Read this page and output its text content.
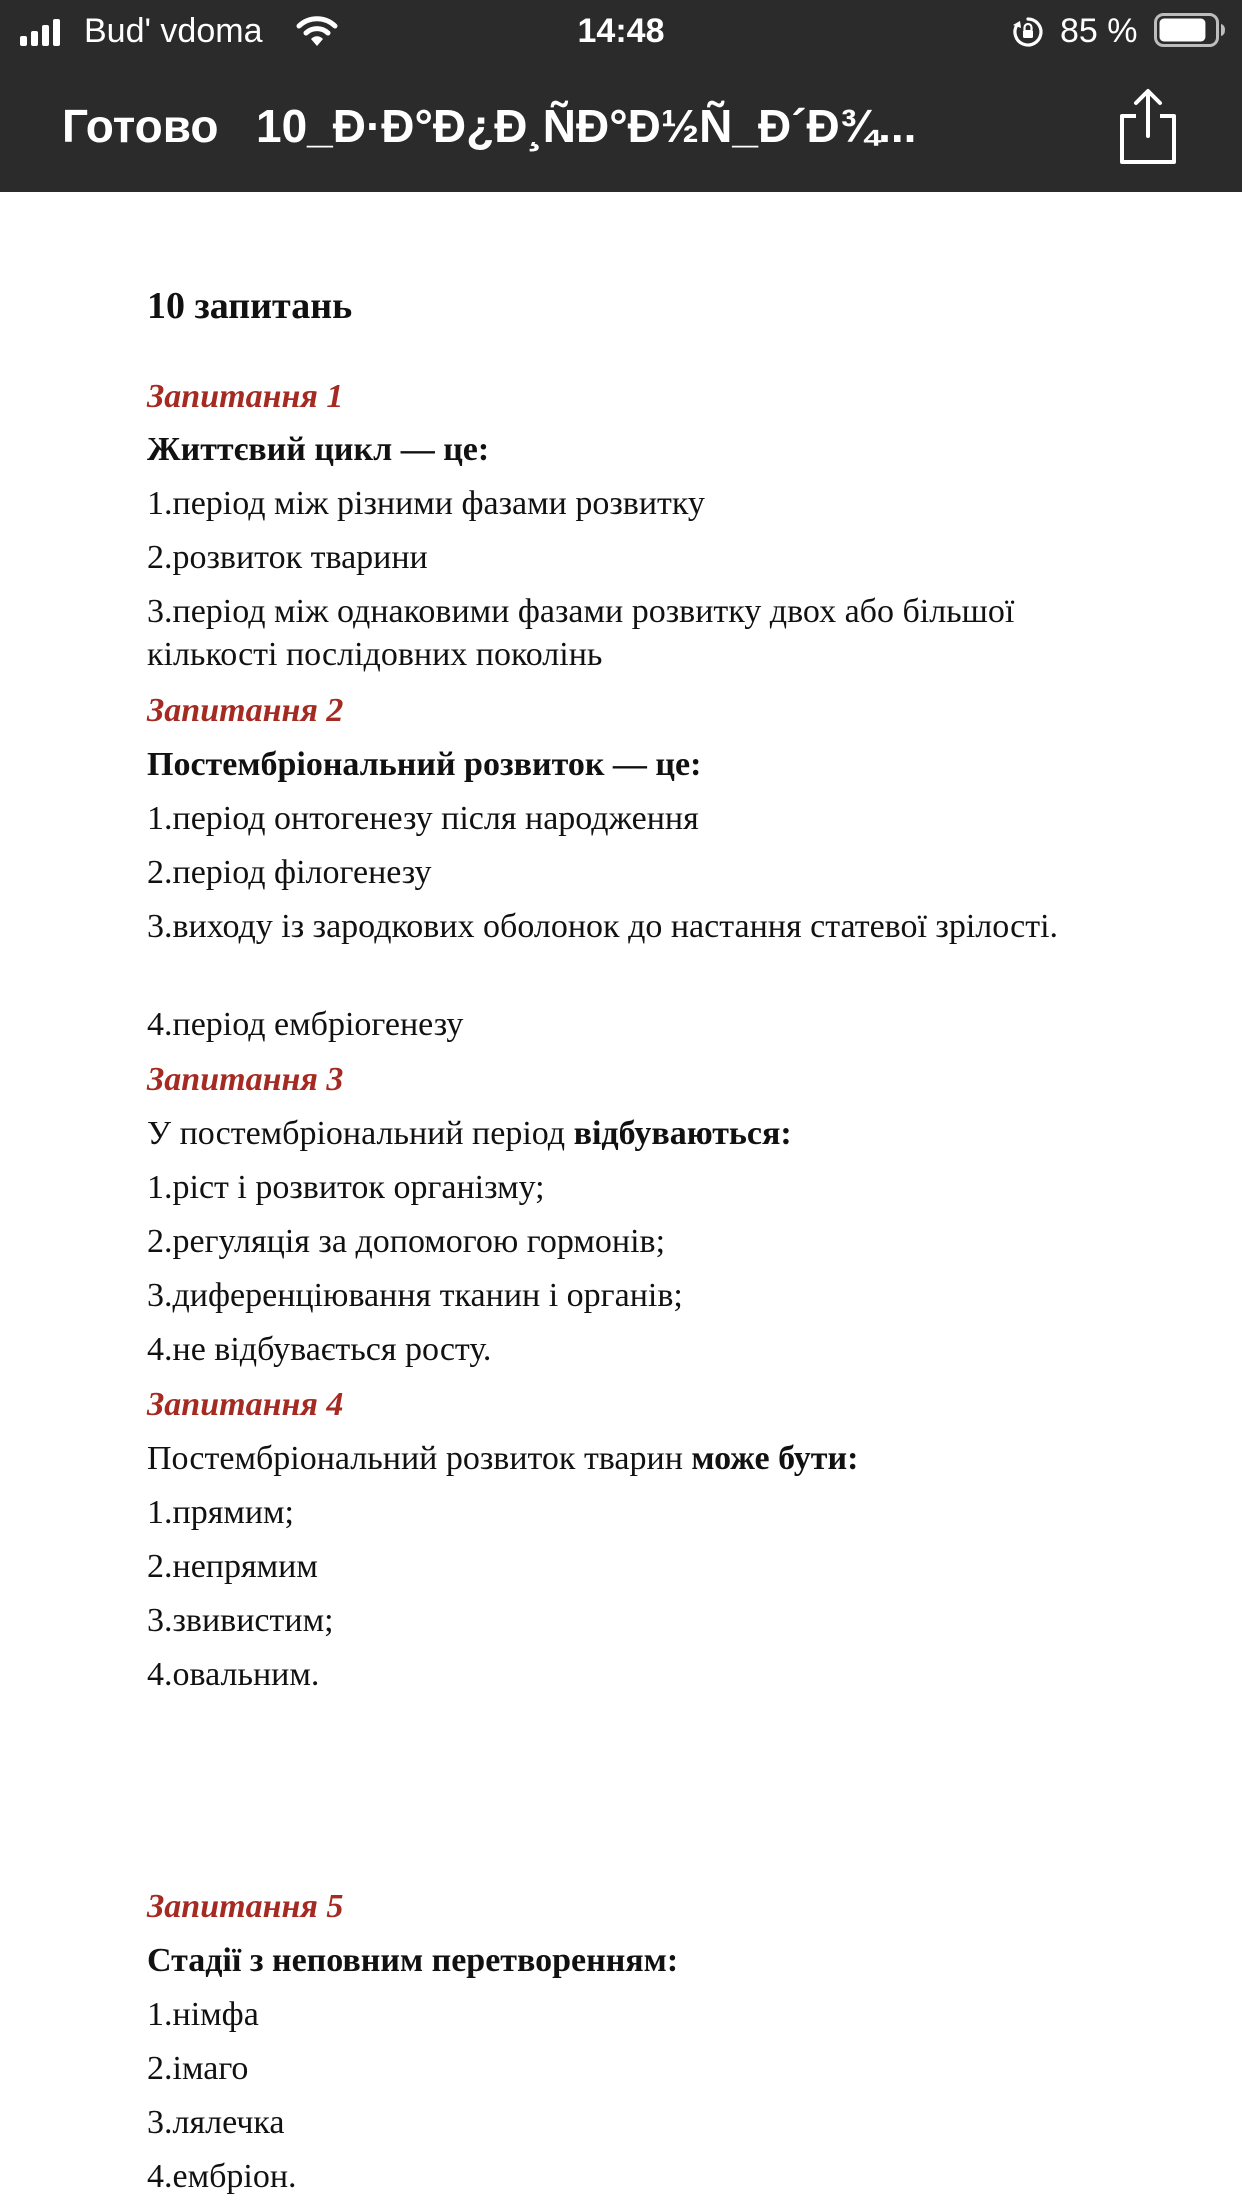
Bud' vdoma	14:48	85 %
Готово 10_Ð·Ð°Ð¿Ð¸ÑÐ°Ð½Ñ_Ð´Ð¾...
10 запитань
Запитання 1
Життєвий цикл — це:
1.період між різними фазами розвитку
2.розвиток тварини
3.період між однаковими фазами розвитку двох або більшої кількості послідовних поколінь
Запитання 2
Постембріональний розвиток — це:
1.період онтогенезу після народження
2.період філогенезу
3.виходу із зародкових оболонок до настання статевої зрілості.
4.період ембріогенезу
Запитання 3
У постембріональний період відбуваються:
1.ріст і розвиток організму;
2.регуляція за допомогою гормонів;
3.диференціювання тканин і органів;
4.не відбувається росту.
Запитання 4
Постембріональний розвиток тварин може бути:
1.прямим;
2.непрямим
3.звивистим;
4.овальним.
Запитання 5
Стадії з неповним перетворенням:
1.німфа
2.імаго
3.лялечка
4.ембріон.
